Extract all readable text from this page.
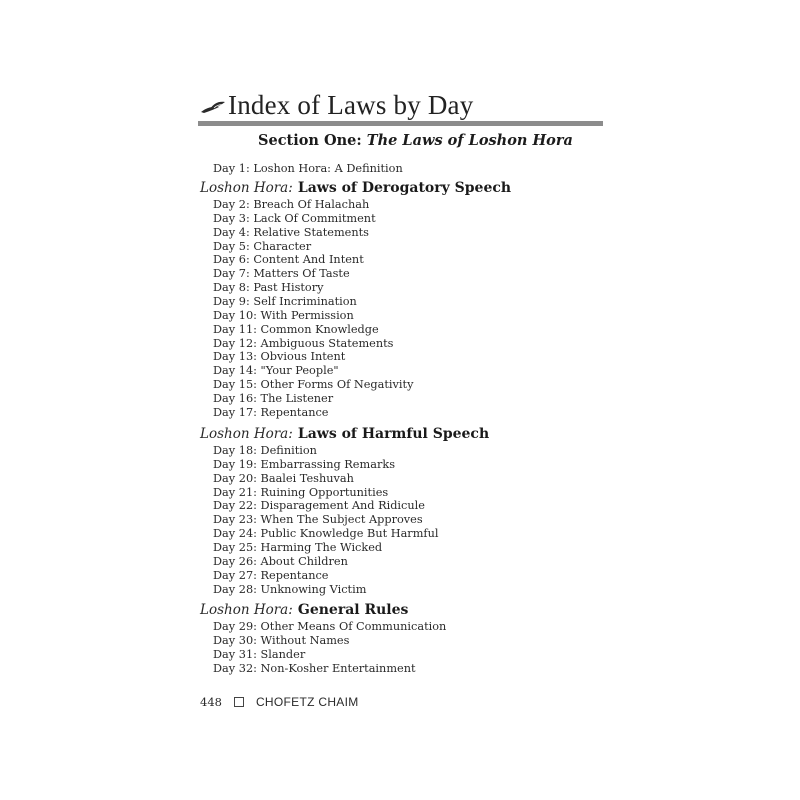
Index of Laws by Day
Section One: The Laws of Loshon Hora
Day 1: Loshon Hora: A Definition
Loshon Hora: Laws of Derogatory Speech
Day 2: Breach Of Halachah
Day 3: Lack Of Commitment
Day 4: Relative Statements
Day 5: Character
Day 6: Content And Intent
Day 7: Matters Of Taste
Day 8: Past History
Day 9: Self Incrimination
Day 10: With Permission
Day 11: Common Knowledge
Day 12: Ambiguous Statements
Day 13: Obvious Intent
Day 14: "Your People"
Day 15: Other Forms Of Negativity
Day 16: The Listener
Day 17: Repentance
Loshon Hora: Laws of Harmful Speech
Day 18: Definition
Day 19: Embarrassing Remarks
Day 20: Baalei Teshuvah
Day 21: Ruining Opportunities
Day 22: Disparagement And Ridicule
Day 23: When The Subject Approves
Day 24: Public Knowledge But Harmful
Day 25: Harming The Wicked
Day 26: About Children
Day 27: Repentance
Day 28: Unknowing Victim
Loshon Hora: General Rules
Day 29: Other Means Of Communication
Day 30: Without Names
Day 31: Slander
Day 32: Non-Kosher Entertainment
448	CHOFETZ CHAIM
